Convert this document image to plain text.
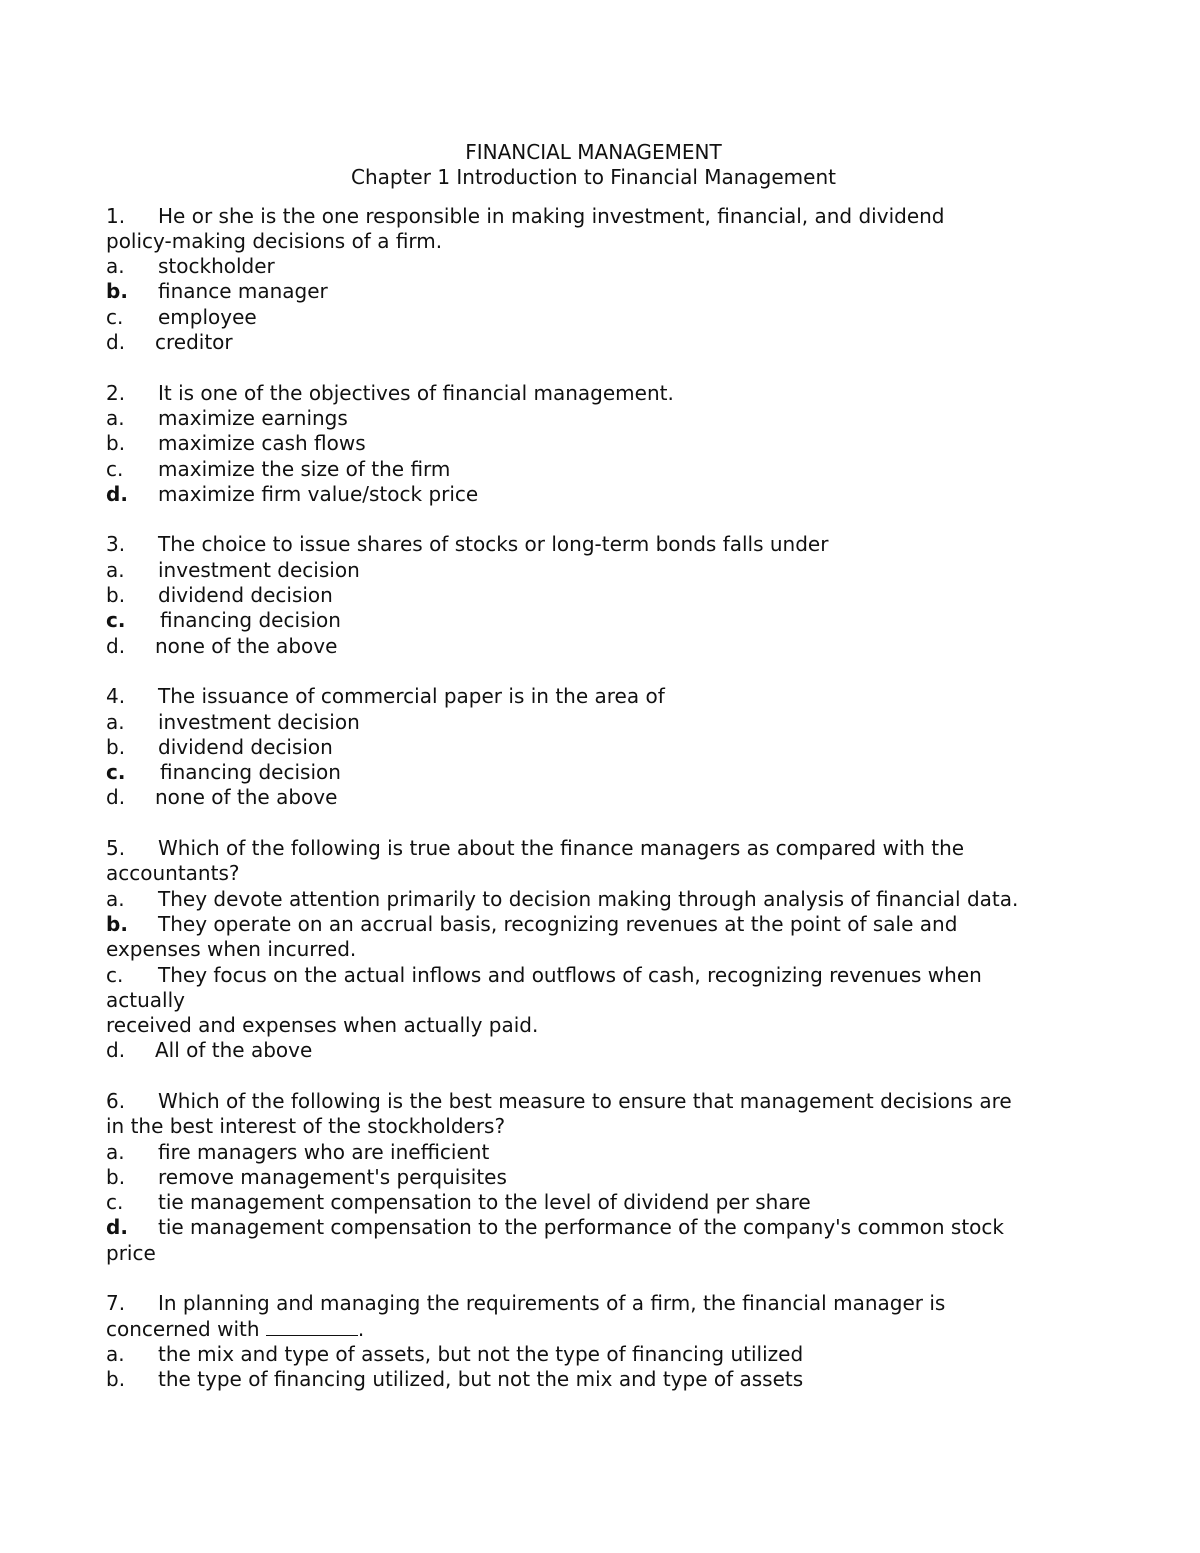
FINANCIAL MANAGEMENT
Chapter 1 Introduction to Financial Management
1. He or she is the one responsible in making investment, financial, and dividend
policy-making decisions of a firm.
a. stockholder
b. finance manager
c. employee
d. creditor
2. It is one of the objectives of financial management.
a. maximize earnings
b. maximize cash flows
c. maximize the size of the firm
d. maximize firm value/stock price
3. The choice to issue shares of stocks or long-term bonds falls under
a. investment decision
b. dividend decision
c. financing decision
d. none of the above
4. The issuance of commercial paper is in the area of
a. investment decision
b. dividend decision
c. financing decision
d. none of the above
5. Which of the following is true about the finance managers as compared with the
accountants?
a. They devote attention primarily to decision making through analysis of financial data.
b. They operate on an accrual basis, recognizing revenues at the point of sale and
expenses when incurred.
c. They focus on the actual inflows and outflows of cash, recognizing revenues when
actually
received and expenses when actually paid.
d. All of the above
6. Which of the following is the best measure to ensure that management decisions are
in the best interest of the stockholders?
a. fire managers who are inefficient
b. remove management's perquisites
c. tie management compensation to the level of dividend per share
d. tie management compensation to the performance of the company's common stock
price
7. In planning and managing the requirements of a firm, the financial manager is
concerned with	.
a. the mix and type of assets, but not the type of financing utilized
b. the type of financing utilized, but not the mix and type of assets
